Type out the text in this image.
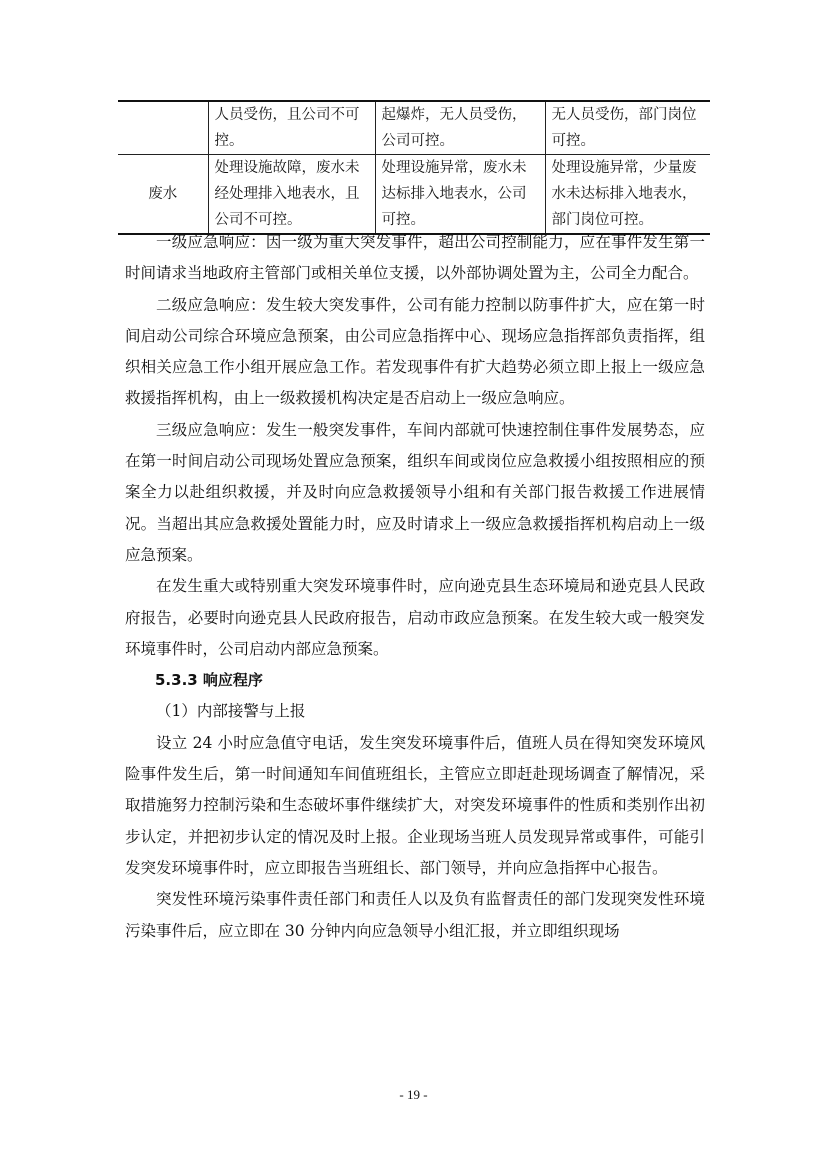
	人员受伤，且公司不可控。	起爆炸，无人员受伤，公司可控。	无人员受伤，部门岗位可控。
废水	处理设施故障，废水未经处理排入地表水，且公司不可控。	处理设施异常，废水未达标排入地表水，公司可控。	处理设施异常，少量废水未达标排入地表水，部门岗位可控。

一级应急响应：因一级为重大突发事件，超出公司控制能力，应在事件发生第一时间请求当地政府主管部门或相关单位支援，以外部协调处置为主，公司全力配合。

二级应急响应：发生较大突发事件，公司有能力控制以防事件扩大，应在第一时间启动公司综合环境应急预案，由公司应急指挥中心、现场应急指挥部负责指挥，组织相关应急工作小组开展应急工作。若发现事件有扩大趋势必须立即上报上一级应急救援指挥机构，由上一级救援机构决定是否启动上一级应急响应。

三级应急响应：发生一般突发事件，车间内部就可快速控制住事件发展势态，应在第一时间启动公司现场处置应急预案，组织车间或岗位应急救援小组按照相应的预案全力以赴组织救援，并及时向应急救援领导小组和有关部门报告救援工作进展情况。当超出其应急救援处置能力时，应及时请求上一级应急救援指挥机构启动上一级应急预案。

在发生重大或特别重大突发环境事件时，应向逊克县生态环境局和逊克县人民政府报告，必要时向逊克县人民政府报告，启动市政应急预案。在发生较大或一般突发环境事件时，公司启动内部应急预案。

5.3.3 响应程序

（1）内部接警与上报

设立 24 小时应急值守电话，发生突发环境事件后，值班人员在得知突发环境风险事件发生后，第一时间通知车间值班组长，主管应立即赶赴现场调查了解情况，采取措施努力控制污染和生态破坏事件继续扩大，对突发环境事件的性质和类别作出初步认定，并把初步认定的情况及时上报。企业现场当班人员发现异常或事件，可能引发突发环境事件时，应立即报告当班组长、部门领导，并向应急指挥中心报告。

突发性环境污染事件责任部门和责任人以及负有监督责任的部门发现突发性环境污染事件后，应立即在 30 分钟内向应急领导小组汇报，并立即组织现场

- 19 -
